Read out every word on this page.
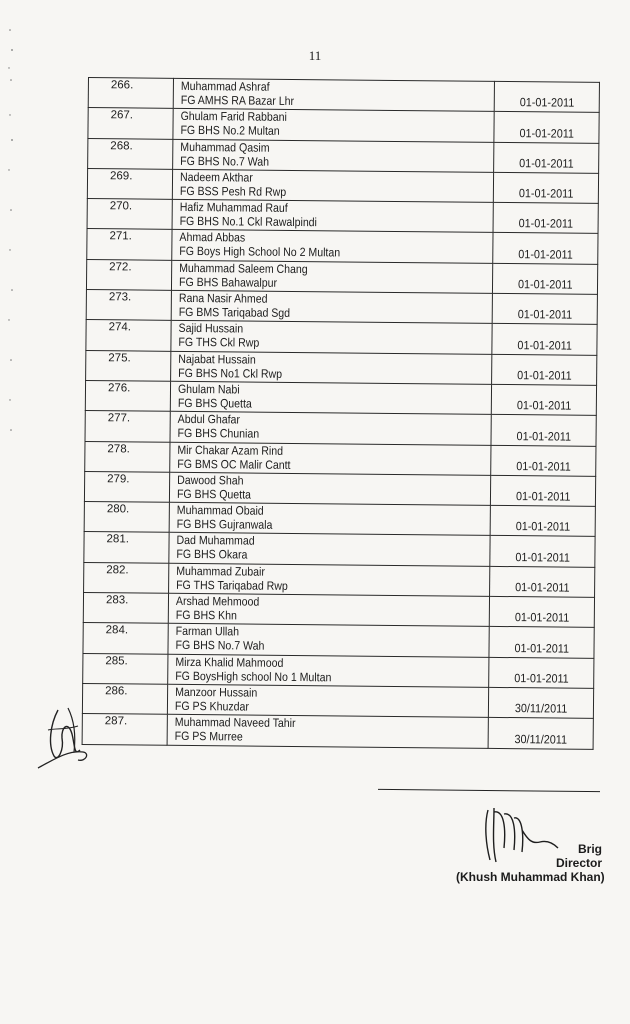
11
266.	Muhammad Ashraf
FG AMHS RA Bazar Lhr	01-01-2011
267.	Ghulam Farid Rabbani
FG BHS No.2 Multan	01-01-2011
268.	Muhammad Qasim
FG BHS No.7 Wah	01-01-2011
269.	Nadeem Akthar
FG BSS Pesh Rd Rwp	01-01-2011
270.	Hafiz Muhammad Rauf
FG BHS No.1 Ckl Rawalpindi	01-01-2011
271.	Ahmad Abbas
FG Boys High School No 2 Multan	01-01-2011
272.	Muhammad Saleem Chang
FG BHS Bahawalpur	01-01-2011
273.	Rana Nasir Ahmed
FG BMS Tariqabad Sgd	01-01-2011
274.	Sajid Hussain
FG THS Ckl Rwp	01-01-2011
275.	Najabat Hussain
FG BHS No1 Ckl Rwp	01-01-2011
276.	Ghulam Nabi
FG BHS Quetta	01-01-2011
277.	Abdul Ghafar
FG BHS Chunian	01-01-2011
278.	Mir Chakar Azam Rind
FG BMS OC Malir Cantt	01-01-2011
279.	Dawood Shah
FG BHS Quetta	01-01-2011
280.	Muhammad Obaid
FG BHS Gujranwala	01-01-2011
281.	Dad Muhammad
FG BHS Okara	01-01-2011
282.	Muhammad Zubair
FG THS Tariqabad Rwp	01-01-2011
283.	Arshad Mehmood
FG BHS Khn	01-01-2011
284.	Farman Ullah
FG BHS No.7 Wah	01-01-2011
285.	Mirza Khalid Mahmood
FG BoysHigh school No 1 Multan	01-01-2011
286.	Manzoor Hussain
FG PS Khuzdar	30/11/2011
287.	Muhammad Naveed Tahir
FG PS Murree	30/11/2011
Brig
Director
(Khush Muhammad Khan)
